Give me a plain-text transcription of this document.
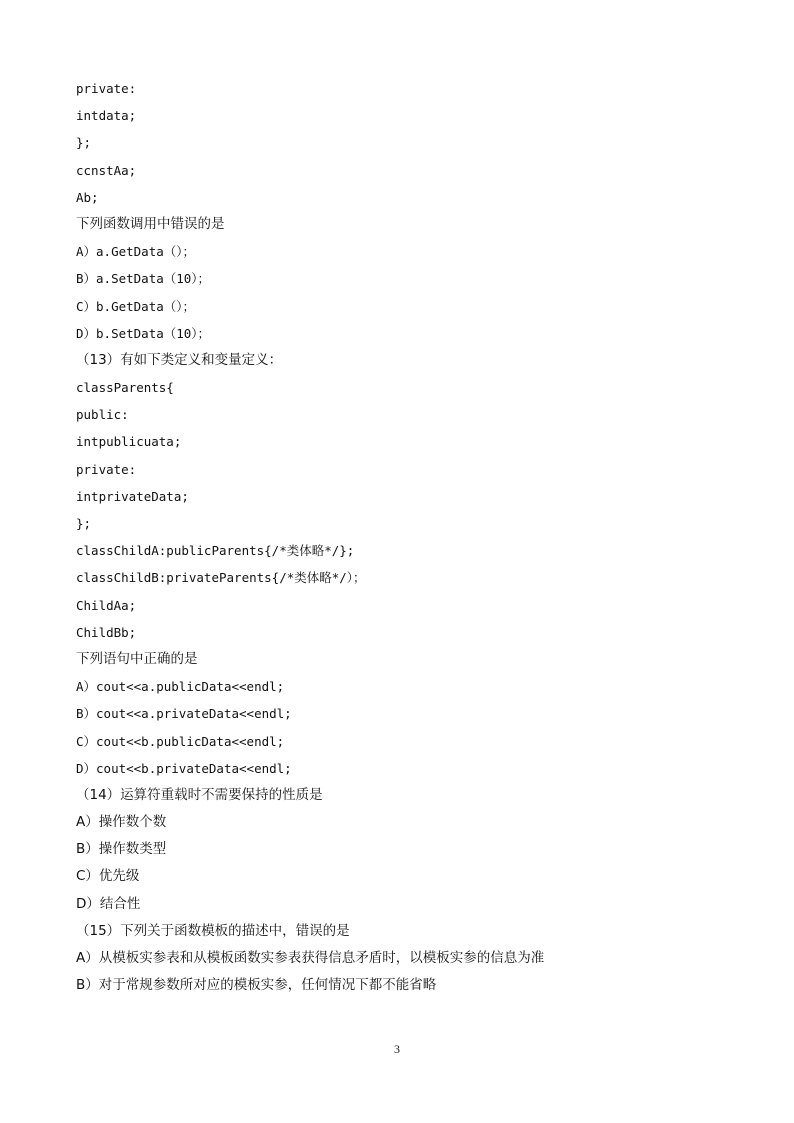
private:
intdata;
};
ccnstAa;
Ab;
下列函数调用中错误的是
A）a.GetData（）；
B）a.SetData（10）；
C）b.GetData（）；
D）b.SetData（10）；
（13）有如下类定义和变量定义：
classParents{
public:
intpublicuata;
private:
intprivateData;
};
classChildA:publicParents{/*类体略*/};
classChildB:privateParents{/*类体略*/）；
ChildAa;
ChildBb;
下列语句中正确的是
A）cout<<a.publicData<<endl;
B）cout<<a.privateData<<endl;
C）cout<<b.publicData<<endl;
D）cout<<b.privateData<<endl;
（14）运算符重载时不需要保持的性质是
A）操作数个数
B）操作数类型
C）优先级
D）结合性
（15）下列关于函数模板的描述中，错误的是
A）从模板实参表和从模板函数实参表获得信息矛盾时，以模板实参的信息为准
B）对于常规参数所对应的模板实参，任何情况下都不能省略
3
